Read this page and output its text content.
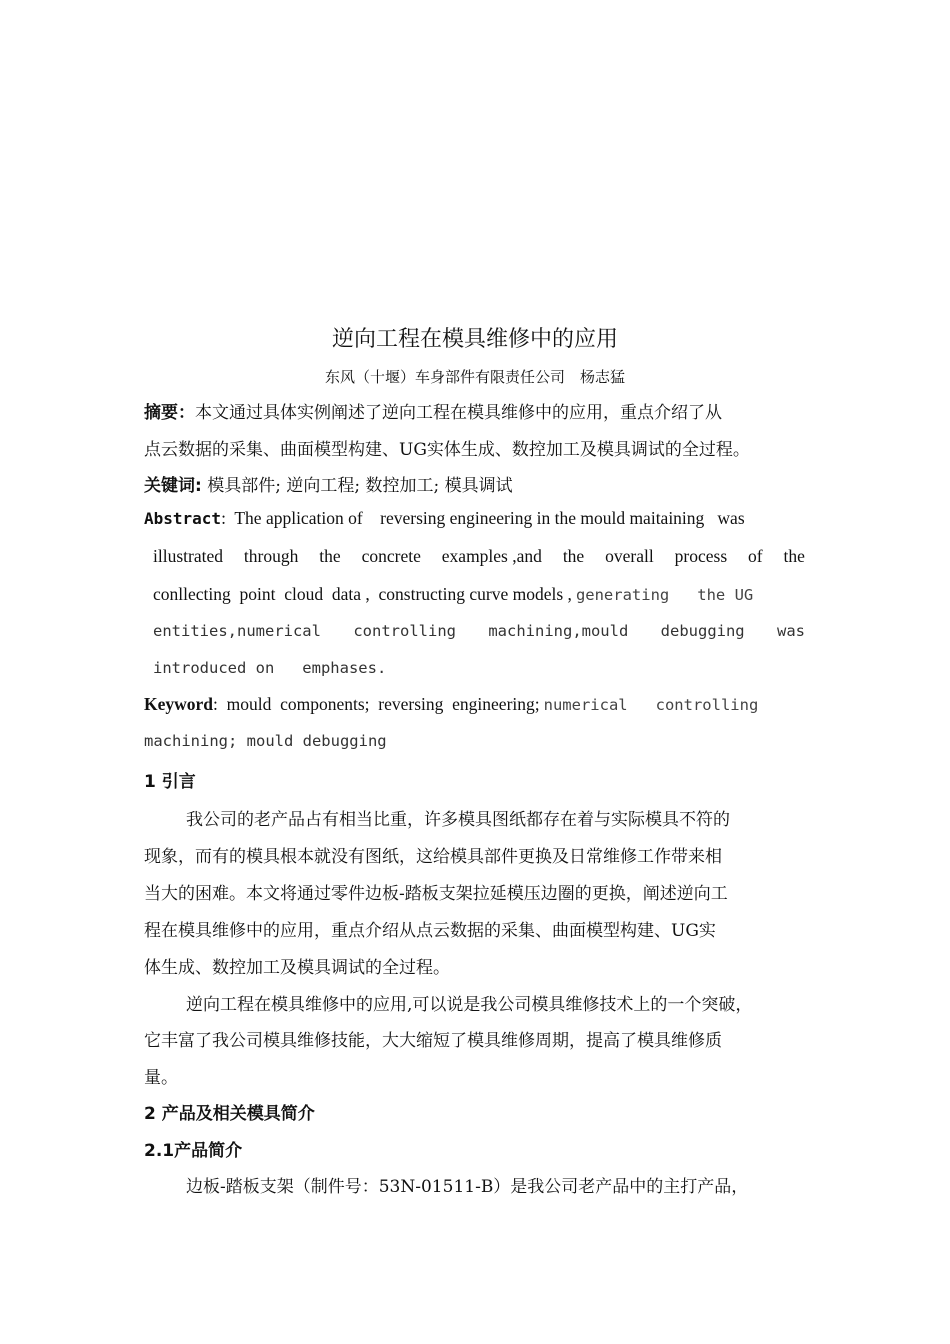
逆向工程在模具维修中的应用
东风（十堰）车身部件有限责任公司　杨志猛
摘要：本文通过具体实例阐述了逆向工程在模具维修中的应用，重点介绍了从
点云数据的采集、曲面模型构建、UG实体生成、数控加工及模具调试的全过程。
关键词: 模具部件; 逆向工程; 数控加工; 模具调试
Abstract:  The application of    reversing engineering in the mould maitaining   was
illustrated through the concrete examples ,and the overall process of the
conllecting  point  cloud  data ,  constructing curve models , generating   the UG
entities,numerical controlling machining,mould debugging was
introduced on   emphases.
Keyword:  mould  components;  reversing  engineering; numerical   controlling
machining; mould debugging
1 引言
我公司的老产品占有相当比重，许多模具图纸都存在着与实际模具不符的
现象，而有的模具根本就没有图纸，这给模具部件更换及日常维修工作带来相
当大的困难。本文将通过零件边板-踏板支架拉延模压边圈的更换，阐述逆向工
程在模具维修中的应用，重点介绍从点云数据的采集、曲面模型构建、UG实
体生成、数控加工及模具调试的全过程。
逆向工程在模具维修中的应用,可以说是我公司模具维修技术上的一个突破，
它丰富了我公司模具维修技能，大大缩短了模具维修周期，提高了模具维修质
量。
2 产品及相关模具简介
2.1产品简介
边板-踏板支架（制件号：53N-01511-B）是我公司老产品中的主打产品，
